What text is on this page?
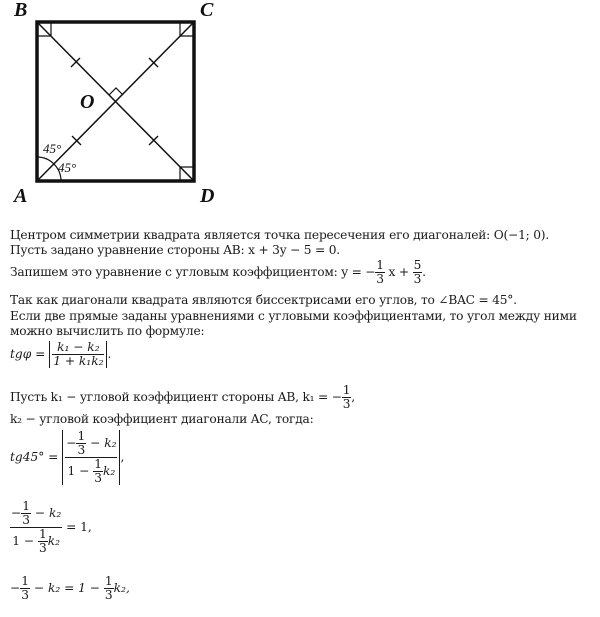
B	C
A	D
O
45°
45°
Центром симметрии квадрата является точка пересечения его диагоналей: O(−1; 0).
Пусть задано уравнение стороны AB: x + 3y − 5 = 0.
Запишем это уравнение с угловым коэффициентом: y = − $\frac{1}{3}$ $x + \frac{5}{3}$ .
Так как диагонали квадрата являются биссектрисами его углов, то ∠BAC = 45°.
Если две прямые заданы уравнениями с угловыми коэффициентами, то угол между ними
можно вычислить по формуле:
$tg\varphi = \frac{\text{k₁ − k₂}}{\text{1 + k₁k₂}}$ .
Пусть k₁ − угловой коэффициент стороны AB, k₁ = − $\frac{1}{3}$ ,
k₂ − угловой коэффициент диагонали AC, тогда:
$tg45^\circ = \frac{- \frac{1}{3} - k_2}{1 - \frac{1}{3} k_2}$ ,
$\frac{- \frac{1}{3} - k_2}{1 - \frac{1}{3} k_2} = 1$,
− $\frac{1}{3} - k_2 = 1 - \frac{1}{3} k_2$,
